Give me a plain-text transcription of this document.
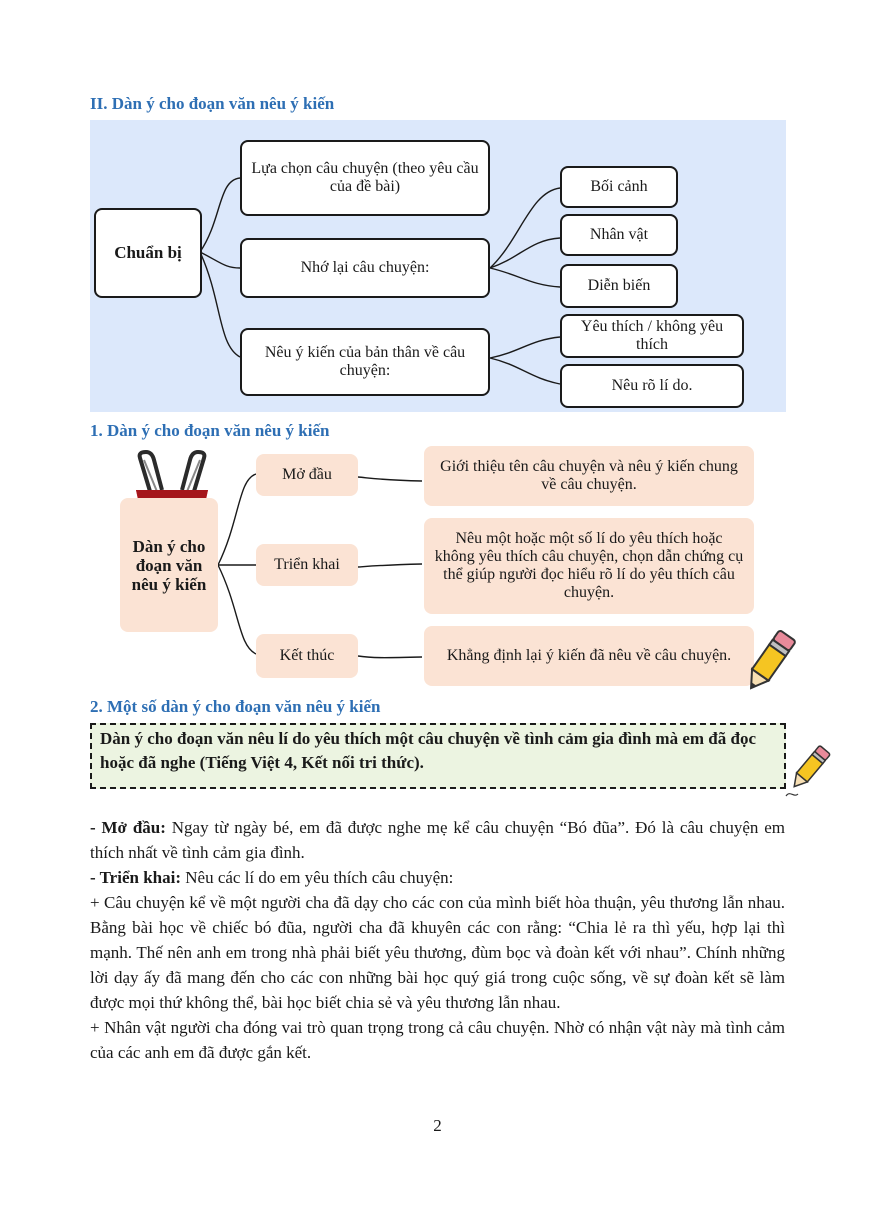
II. Dàn ý cho đoạn văn nêu ý kiến
Chuẩn bị
Lựa chọn câu chuyện (theo yêu cầu của đề bài)
Nhớ lại câu chuyện:
Nêu ý kiến của bản thân về câu chuyện:
Bối cảnh
Nhân vật
Diễn biến
Yêu thích / không yêu thích
Nêu rõ lí do.
1. Dàn ý cho đoạn văn nêu ý kiến
Dàn ý cho đoạn văn nêu ý kiến
Mở đầu
Triển khai
Kết thúc
Giới thiệu tên câu chuyện và nêu ý kiến chung về câu chuyện.
Nêu một hoặc một số lí do yêu thích hoặc không yêu thích câu chuyện, chọn dẫn chứng cụ thể giúp người đọc hiểu rõ lí do yêu thích câu chuyện.
Khẳng định lại ý kiến đã nêu về câu chuyện.
2. Một số dàn ý cho đoạn văn nêu ý kiến
Dàn ý cho đoạn văn nêu lí do yêu thích một câu chuyện về tình cảm gia đình mà em đã đọc hoặc đã nghe (Tiếng Việt 4, Kết nối tri thức).

- Mở đầu: Ngay từ ngày bé, em đã được nghe mẹ kể câu chuyện “Bó đũa”. Đó là câu chuyện em thích nhất về tình cảm gia đình.

- Triển khai: Nêu các lí do em yêu thích câu chuyện:

+ Câu chuyện kể về một người cha đã dạy cho các con của mình biết hòa thuận, yêu thương lẫn nhau. Bằng bài học về chiếc bó đũa, người cha đã khuyên các con rằng: “Chia lẻ ra thì yếu, hợp lại thì mạnh. Thế nên anh em trong nhà phải biết yêu thương, đùm bọc và đoàn kết với nhau”. Chính những lời dạy ấy đã mang đến cho các con những bài học quý giá trong cuộc sống, về sự đoàn kết sẽ làm được mọi thứ không thể, bài học biết chia sẻ và yêu thương lẫn nhau.

+ Nhân vật người cha đóng vai trò quan trọng trong cả câu chuyện. Nhờ có nhận vật này mà tình cảm của các anh em đã được gắn kết.

2
